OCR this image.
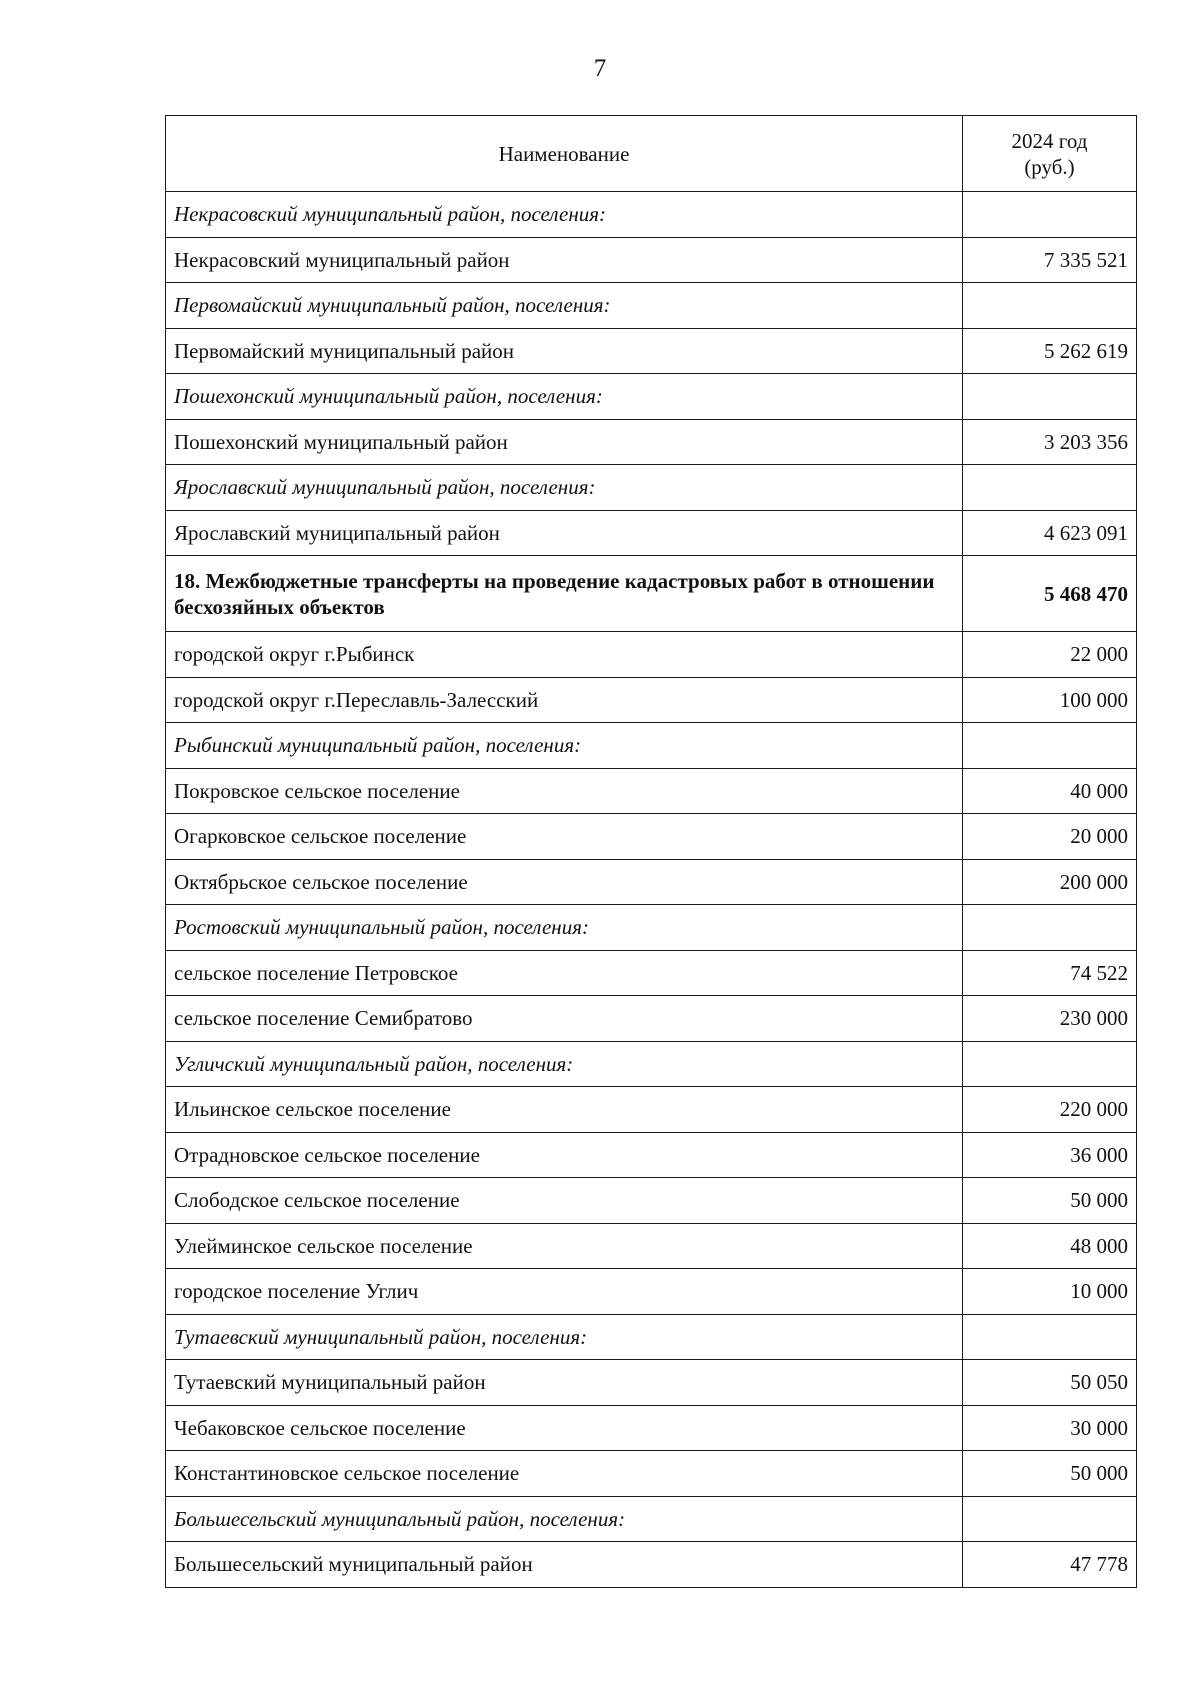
7
Наименование	2024 год
(руб.)
Некрасовский муниципальный район, поселения:	
Некрасовский муниципальный район	7 335 521
Первомайский муниципальный район, поселения:	
Первомайский муниципальный район	5 262 619
Пошехонский муниципальный район, поселения:	
Пошехонский муниципальный район	3 203 356
Ярославский муниципальный район, поселения:	
Ярославский муниципальный район	4 623 091
18. Межбюджетные трансферты на проведение кадастровых работ в отношении бесхозяйных объектов	5 468 470
городской округ г.Рыбинск	22 000
городской округ г.Переславль-Залесский	100 000
Рыбинский муниципальный район, поселения:	
Покровское сельское поселение	40 000
Огарковское сельское поселение	20 000
Октябрьское сельское поселение	200 000
Ростовский муниципальный район, поселения:	
сельское поселение Петровское	74 522
сельское поселение Семибратово	230 000
Угличский муниципальный район, поселения:	
Ильинское сельское поселение	220 000
Отрадновское сельское поселение	36 000
Слободское сельское поселение	50 000
Улейминское сельское поселение	48 000
городское поселение Углич	10 000
Тутаевский муниципальный район, поселения:	
Тутаевский муниципальный район	50 050
Чебаковское сельское поселение	30 000
Константиновское сельское поселение	50 000
Большесельский муниципальный район, поселения:	
Большесельский муниципальный район	47 778
